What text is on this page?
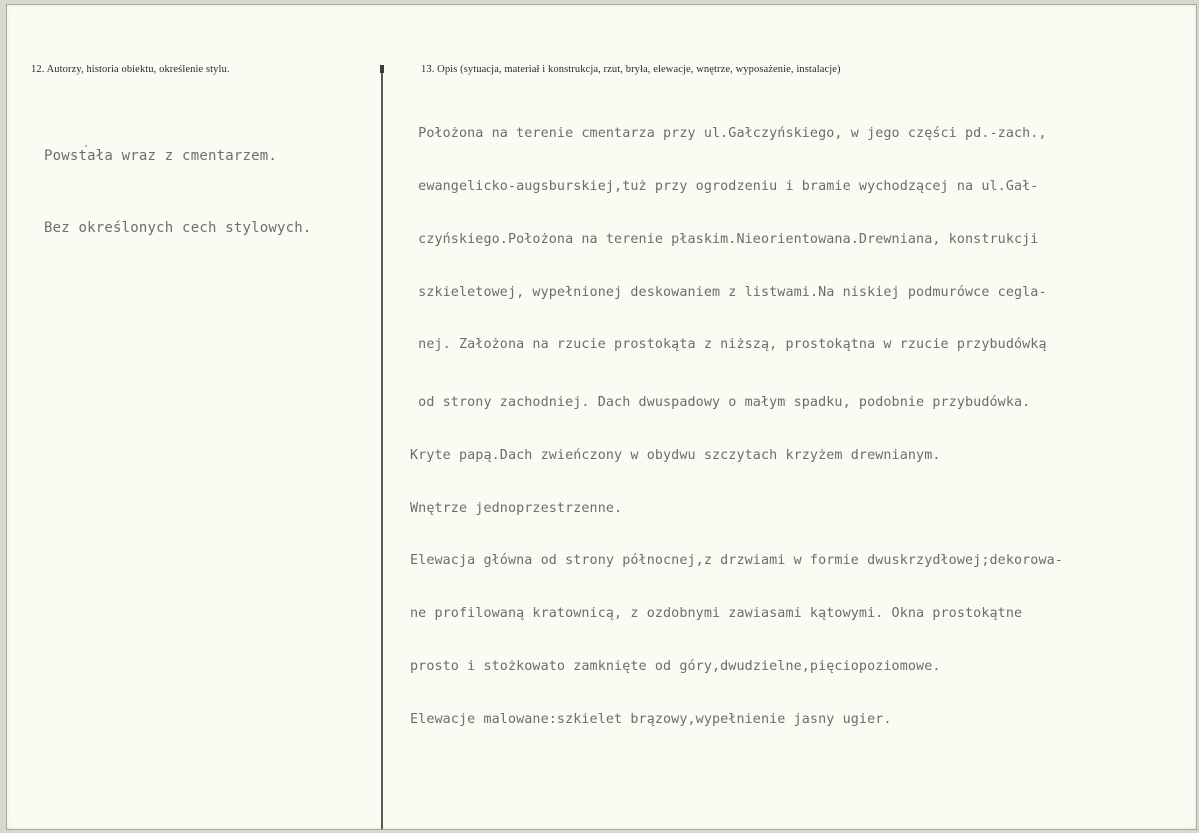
12. Autorzy, historia obiektu, określenie stylu.	13. Opis (sytuacja, materiał i konstrukcja, rzut, bryła, elewacje, wnętrze, wyposażenie, instalacje)

Powstała wraz z cmentarzem.

Bez określonych cech stylowych.

Położona na terenie cmentarza przy ul.Gałczyńskiego, w jego części pd.-zach.,

ewangelicko-augsburskiej,tuż przy ogrodzeniu i bramie wychodzącej na ul.Gał-

czyńskiego.Położona na terenie płaskim.Nieorientowana.Drewniana, konstrukcji

szkieletowej, wypełnionej deskowaniem z listwami.Na niskiej podmurówce cegla-

nej. Założona na rzucie prostokąta z niższą, prostokątna w rzucie przybudówką

od strony zachodniej. Dach dwuspadowy o małym spadku, podobnie przybudówka.

Kryte papą.Dach zwieńczony w obydwu szczytach krzyżem drewnianym.

Wnętrze jednoprzestrzenne.

Elewacja główna od strony północnej,z drzwiami w formie dwuskrzydłowej;dekorowa-

ne profilowaną kratownicą, z ozdobnymi zawiasami kątowymi. Okna prostokątne

prosto i stożkowato zamknięte od góry,dwudzielne,pięciopoziomowe.

Elewacje malowane:szkielet brązowy,wypełnienie jasny ugier.
